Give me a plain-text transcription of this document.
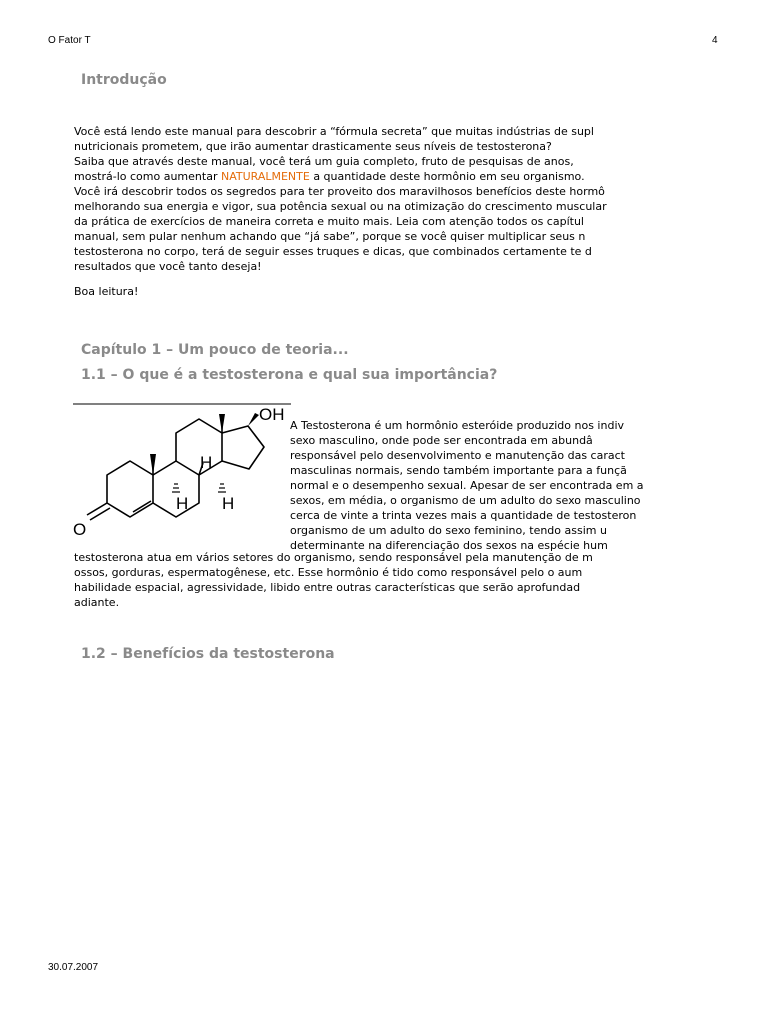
O Fator T	4
30.07.2007
Introdução
Você está lendo este manual para descobrir a “fórmula secreta” que muitas indústrias de supl
nutricionais prometem, que irão aumentar drasticamente seus níveis de testosterona?
Saiba que através deste manual, você terá um guia completo, fruto de pesquisas de anos,
mostrá-lo como aumentar NATURALMENTE a quantidade deste hormônio em seu organismo.
Você irá descobrir todos os segredos para ter proveito dos maravilhosos benefícios deste hormô
melhorando sua energia e vigor, sua potência sexual ou na otimização do crescimento muscular
da prática de exercícios de maneira correta e muito mais. Leia com atenção todos os capítul
manual, sem pular nenhum achando que “já sabe”, porque se você quiser multiplicar seus n
testosterona no corpo, terá de seguir esses truques e dicas, que combinados certamente te d
resultados que você tanto deseja!
Boa leitura!
Capítulo 1 – Um pouco de teoria...
1.1 – O que é a testosterona e qual sua importância?
OH
O
H
H H
A Testosterona é um hormônio esteróide produzido nos indiv
sexo masculino, onde pode ser encontrada em abundâ
responsável pelo desenvolvimento e manutenção das caract
masculinas normais, sendo também importante para a funçã
normal e o desempenho sexual. Apesar de ser encontrada em a
sexos, em média, o organismo de um adulto do sexo masculino
cerca de vinte a trinta vezes mais a quantidade de testosteron
organismo de um adulto do sexo feminino, tendo assim u
determinante na diferenciação dos sexos na espécie hum
testosterona atua em vários setores do organismo, sendo responsável pela manutenção de m
ossos, gorduras, espermatogênese, etc. Esse hormônio é tido como responsável pelo o aum
habilidade espacial, agressividade, libido entre outras características que serão aprofundad
adiante.
1.2 – Benefícios da testosterona
